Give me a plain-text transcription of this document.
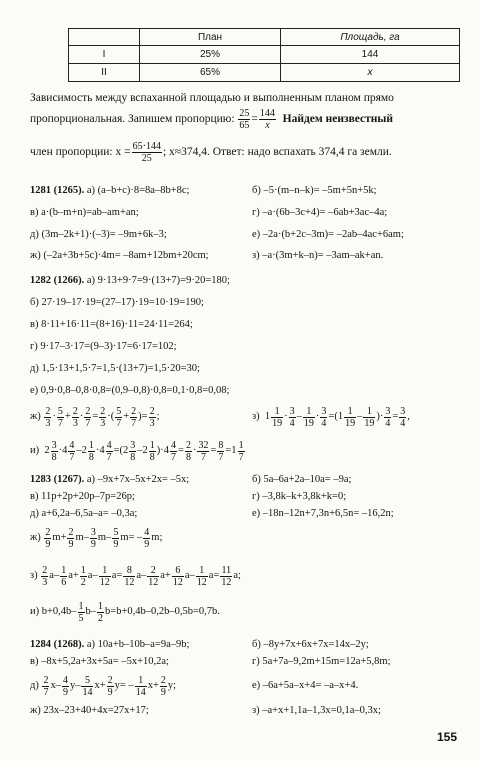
	План	Площадь, га
I	25%	144
II	65%	x
Зависимость между вспаханной площадью и выполненным планом прямо
пропорциональная. Запишем пропорцию:
$\frac{25}{65} = \frac{144}{x}$
Найдем неизвестный
член пропорции: $x = \frac{65\cdot 144}{25}$ ; x≈374,4. Ответ: надо вспахать 374,4 га земли.
1281 (1265). а) (a–b+c)·8=8a–8b+8c;	б) –5·(m–n–k)= –5m+5n+5k;
в) a·(b–m+n)=ab–am+an;	г) –a·(6b–3c+4)= –6ab+3ac–4a;
д) (3m–2k+1)·(–3)= –9m+6k–3;	е) –2a·(b+2c–3m)= –2ab–4ac+6am;
ж) (–2a+3b+5c)·4m= –8am+12bm+20cm;	з) –a·(3m+k–n)= –3am–ak+an.
1282 (1266). а) 9·13+9·7=9·(13+7)=9·20=180;
б) 27·19–17·19=(27–17)·19=10·19=190;
в) 8·11+16·11=(8+16)·11=24·11=264;
г) 9·17–3·17=(9–3)·17=6·17=102;
д) 1,5·13+1,5·7=1,5·(13+7)=1,5·20=30;
е) 0,9·0,8–0,8·0,8=(0,9–0,8)·0,8=0,1·0,8=0,08;
ж)
$\frac{2}{3} \cdot \frac{5}{7} + \frac{2}{3} \cdot \frac{2}{7} = \frac{2}{3}$ ·( $\frac{5}{7} + \frac{2}{7}$ )= $\frac{2}{3}$ ;	з) $1 \frac{1}{19} \cdot \frac{3}{4} - \frac{1}{19} \cdot \frac{3}{4} =(1 \frac{1}{19} - \frac{1}{19}$ )· $\frac{3}{4} = \frac{3}{4}$ ,
и) $2 \frac{3}{8} \cdot 4 \frac{4}{7} -2 \frac{1}{8} \cdot 4 \frac{4}{7} =(2 \frac{3}{8} -2 \frac{1}{8} )\cdot 4 \frac{4}{7} = \frac{2}{8} \cdot \frac{32}{7} = \frac{8}{7} =1 \frac{1}{7}$
1283 (1267). а) –9x+7x–5x+2x= –5x;	б) 5a–6a+2a–10a= –9a;
в) 11p+2p+20p–7p=26p;	г) –3,8k–k+3,8k+k=0;
д) a+6,2a–6,5a–a= –0,3a;	е) –18n–12n+7,3n+6,5n= –16,2n;
ж)
$\frac{2}{9} m+ \frac{2}{9} m- \frac{3}{9} m- \frac{5}{9} m= - \frac{4}{9} m$;
з)
$\frac{2}{3} a- \frac{1}{6} a+ \frac{1}{2} a- \frac{1}{12} a= \frac{8}{12} a- \frac{2}{12} a+ \frac{6}{12} a- \frac{1}{12} a= \frac{11}{12} a$;
и) $b+0,4b- \frac{1}{5} b- \frac{1}{2} b=b+0,4b-0,2b-0,5b=0,7b$.
1284 (1268). а) 10a+b–10b–a=9a–9b;	б) –8y+7x+6x+7x=14x–2y;
в) –8x+5,2a+3x+5a= –5x+10,2a;	г) 5a+7a–9,2m+15m=12a+5,8m;
д)
$\frac{2}{7} x- \frac{4}{9} y- \frac{5}{14} x+ \frac{2}{9} y= - \frac{1}{14} x+ \frac{2}{9} y$;	е) –6a+5a–x+4= –a–x+4.
ж) 23x–23+40+4x=27x+17;	з) –a+x+1,1a–1,3x=0,1a–0,3x;
155
